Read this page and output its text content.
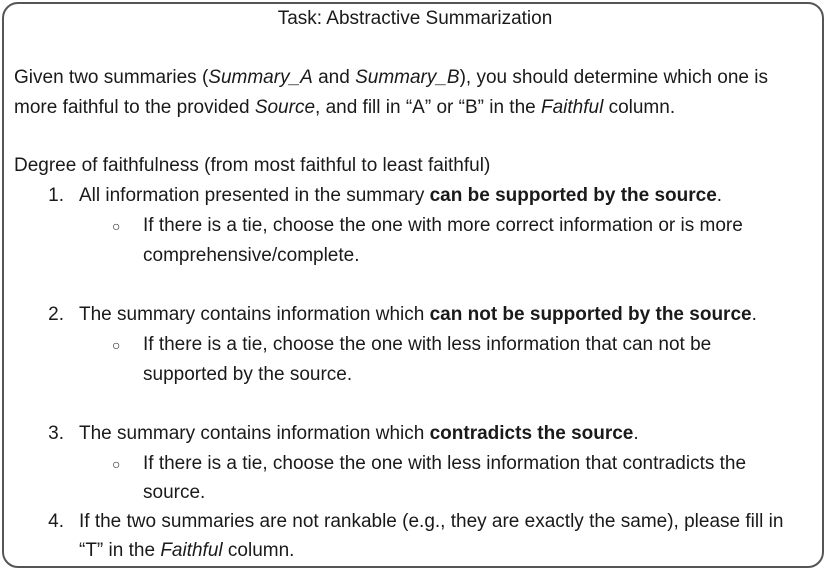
Task: Abstractive Summarization
Given two summaries (Summary_A and Summary_B), you should determine which one is
more faithful to the provided Source, and fill in “A” or “B” in the Faithful column.
Degree of faithfulness (from most faithful to least faithful)
1. All information presented in the summary can be supported by the source.
○ If there is a tie, choose the one with more correct information or is more
comprehensive/complete.
2. The summary contains information which can not be supported by the source.
○ If there is a tie, choose the one with less information that can not be
supported by the source.
3. The summary contains information which contradicts the source.
○ If there is a tie, choose the one with less information that contradicts the
source.
4. If the two summaries are not rankable (e.g., they are exactly the same), please fill in
“T” in the Faithful column.
